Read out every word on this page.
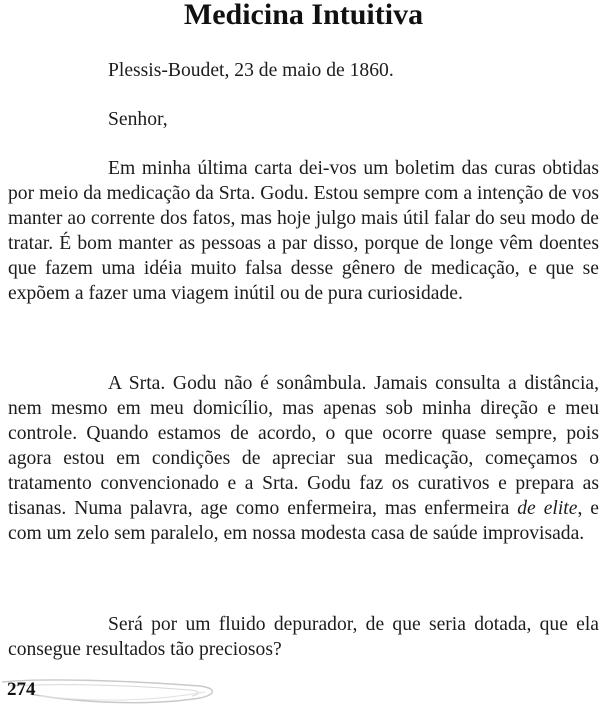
Medicina Intuitiva

Plessis-Boudet, 23 de maio de 1860.

Senhor,

Em minha última carta dei-vos um boletim das curas obtidas por meio da medicação da Srta. Godu. Estou sempre com a intenção de vos manter ao corrente dos fatos, mas hoje julgo mais útil falar do seu modo de tratar. É bom manter as pessoas a par disso, porque de longe vêm doentes que fazem uma idéia muito falsa desse gênero de medicação, e que se expõem a fazer uma viagem inútil ou de pura curiosidade.

A Srta. Godu não é sonâmbula. Jamais consulta a distância, nem mesmo em meu domicílio, mas apenas sob minha direção e meu controle. Quando estamos de acordo, o que ocorre quase sempre, pois agora estou em condições de apreciar sua medicação, começamos o tratamento convencionado e a Srta. Godu faz os curativos e prepara as tisanas. Numa palavra, age como enfermeira, mas enfermeira de elite, e com um zelo sem paralelo, em nossa modesta casa de saúde improvisada.

Será por um fluido depurador, de que seria dotada, que ela consegue resultados tão preciosos?

274
